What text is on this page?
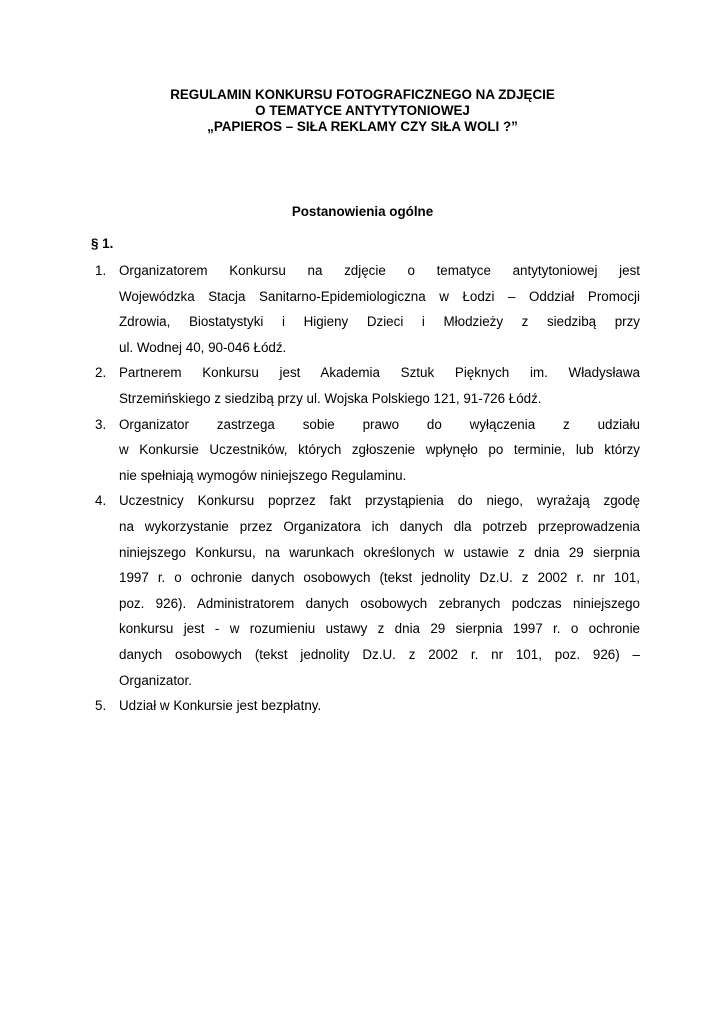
REGULAMIN KONKURSU FOTOGRAFICZNEGO NA ZDJĘCIE
O TEMATYCE ANTYTYTONIOWEJ
„PAPIEROS – SIŁA REKLAMY CZY SIŁA WOLI ?”
Postanowienia ogólne
§ 1.
1. Organizatorem Konkursu na zdjęcie o tematyce antytytoniowej jest
Wojewódzka Stacja Sanitarno-Epidemiologiczna w Łodzi – Oddział Promocji
Zdrowia, Biostatystyki i Higieny Dzieci i Młodzieży z siedzibą przy
ul. Wodnej 40, 90-046 Łódź.
2. Partnerem Konkursu jest Akademia Sztuk Pięknych im. Władysława
Strzemińskiego z siedzibą przy ul. Wojska Polskiego 121, 91-726 Łódź.
3. Organizator zastrzega sobie prawo do wyłączenia z udziału
w Konkursie Uczestników, których zgłoszenie wpłynęło po terminie, lub którzy
nie spełniają wymogów niniejszego Regulaminu.
4. Uczestnicy Konkursu poprzez fakt przystąpienia do niego, wyrażają zgodę
na wykorzystanie przez Organizatora ich danych dla potrzeb przeprowadzenia
niniejszego Konkursu, na warunkach określonych w ustawie z dnia 29 sierpnia
1997 r. o ochronie danych osobowych (tekst jednolity Dz.U. z 2002 r. nr 101,
poz. 926). Administratorem danych osobowych zebranych podczas niniejszego
konkursu jest - w rozumieniu ustawy z dnia 29 sierpnia 1997 r. o ochronie
danych osobowych (tekst jednolity Dz.U. z 2002 r. nr 101, poz. 926) –
Organizator.
5. Udział w Konkursie jest bezpłatny.
